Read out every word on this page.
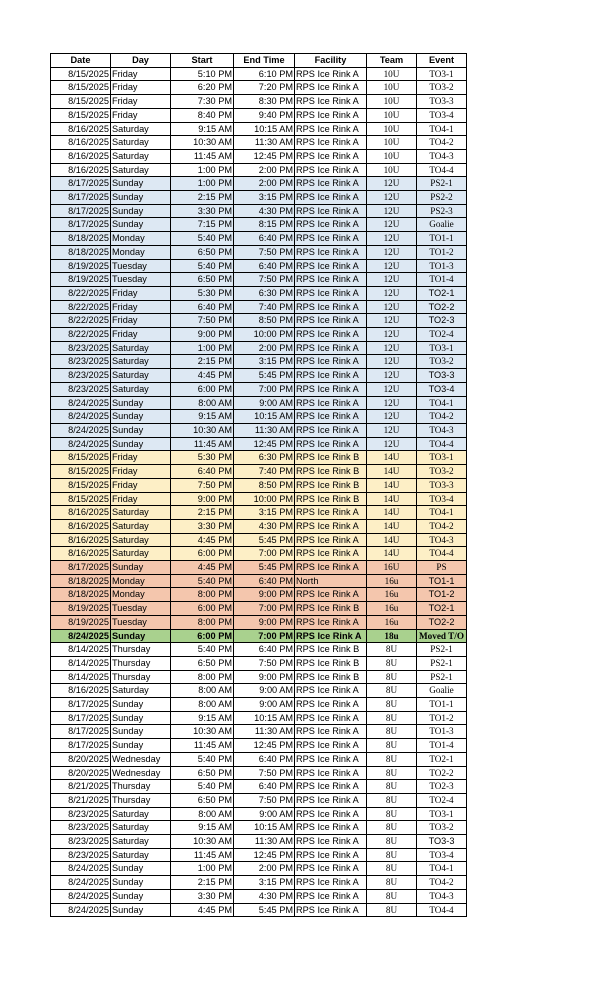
Date	Day	Start	End Time	Facility	Team	Event
8/15/2025	Friday	5:10 PM	6:10 PM	RPS Ice Rink A	10U	TO3-1
8/15/2025	Friday	6:20 PM	7:20 PM	RPS Ice Rink A	10U	TO3-2
8/15/2025	Friday	7:30 PM	8:30 PM	RPS Ice Rink A	10U	TO3-3
8/15/2025	Friday	8:40 PM	9:40 PM	RPS Ice Rink A	10U	TO3-4
8/16/2025	Saturday	9:15 AM	10:15 AM	RPS Ice Rink A	10U	TO4-1
8/16/2025	Saturday	10:30 AM	11:30 AM	RPS Ice Rink A	10U	TO4-2
8/16/2025	Saturday	11:45 AM	12:45 PM	RPS Ice Rink A	10U	TO4-3
8/16/2025	Saturday	1:00 PM	2:00 PM	RPS Ice Rink A	10U	TO4-4
8/17/2025	Sunday	1:00 PM	2:00 PM	RPS Ice Rink A	12U	PS2-1
8/17/2025	Sunday	2:15 PM	3:15 PM	RPS Ice Rink A	12U	PS2-2
8/17/2025	Sunday	3:30 PM	4:30 PM	RPS Ice Rink A	12U	PS2-3
8/17/2025	Sunday	7:15 PM	8:15 PM	RPS Ice Rink A	12U	Goalie
8/18/2025	Monday	5:40 PM	6:40 PM	RPS Ice Rink A	12U	TO1-1
8/18/2025	Monday	6:50 PM	7:50 PM	RPS Ice Rink A	12U	TO1-2
8/19/2025	Tuesday	5:40 PM	6:40 PM	RPS Ice Rink A	12U	TO1-3
8/19/2025	Tuesday	6:50 PM	7:50 PM	RPS Ice Rink A	12U	TO1-4
8/22/2025	Friday	5:30 PM	6:30 PM	RPS Ice Rink A	12U	TO2-1
8/22/2025	Friday	6:40 PM	7:40 PM	RPS Ice Rink A	12U	TO2-2
8/22/2025	Friday	7:50 PM	8:50 PM	RPS Ice Rink A	12U	TO2-3
8/22/2025	Friday	9:00 PM	10:00 PM	RPS Ice Rink A	12U	TO2-4
8/23/2025	Saturday	1:00 PM	2:00 PM	RPS Ice Rink A	12U	TO3-1
8/23/2025	Saturday	2:15 PM	3:15 PM	RPS Ice Rink A	12U	TO3-2
8/23/2025	Saturday	4:45 PM	5:45 PM	RPS Ice Rink A	12U	TO3-3
8/23/2025	Saturday	6:00 PM	7:00 PM	RPS Ice Rink A	12U	TO3-4
8/24/2025	Sunday	8:00 AM	9:00 AM	RPS Ice Rink A	12U	TO4-1
8/24/2025	Sunday	9:15 AM	10:15 AM	RPS Ice Rink A	12U	TO4-2
8/24/2025	Sunday	10:30 AM	11:30 AM	RPS Ice Rink A	12U	TO4-3
8/24/2025	Sunday	11:45 AM	12:45 PM	RPS Ice Rink A	12U	TO4-4
8/15/2025	Friday	5:30 PM	6:30 PM	RPS Ice Rink B	14U	TO3-1
8/15/2025	Friday	6:40 PM	7:40 PM	RPS Ice Rink B	14U	TO3-2
8/15/2025	Friday	7:50 PM	8:50 PM	RPS Ice Rink B	14U	TO3-3
8/15/2025	Friday	9:00 PM	10:00 PM	RPS Ice Rink B	14U	TO3-4
8/16/2025	Saturday	2:15 PM	3:15 PM	RPS Ice Rink A	14U	TO4-1
8/16/2025	Saturday	3:30 PM	4:30 PM	RPS Ice Rink A	14U	TO4-2
8/16/2025	Saturday	4:45 PM	5:45 PM	RPS Ice Rink A	14U	TO4-3
8/16/2025	Saturday	6:00 PM	7:00 PM	RPS Ice Rink A	14U	TO4-4
8/17/2025	Sunday	4:45 PM	5:45 PM	RPS Ice Rink A	16U	PS
8/18/2025	Monday	5:40 PM	6:40 PM	North	16u	TO1-1
8/18/2025	Monday	8:00 PM	9:00 PM	RPS Ice Rink A	16u	TO1-2
8/19/2025	Tuesday	6:00 PM	7:00 PM	RPS Ice Rink B	16u	TO2-1
8/19/2025	Tuesday	8:00 PM	9:00 PM	RPS Ice Rink A	16u	TO2-2
8/24/2025	Sunday	6:00 PM	7:00 PM	RPS Ice Rink A	18u	Moved T/O
8/14/2025	Thursday	5:40 PM	6:40 PM	RPS Ice Rink B	8U	PS2-1
8/14/2025	Thursday	6:50 PM	7:50 PM	RPS Ice Rink B	8U	PS2-1
8/14/2025	Thursday	8:00 PM	9:00 PM	RPS Ice Rink B	8U	PS2-1
8/16/2025	Saturday	8:00 AM	9:00 AM	RPS Ice Rink A	8U	Goalie
8/17/2025	Sunday	8:00 AM	9:00 AM	RPS Ice Rink A	8U	TO1-1
8/17/2025	Sunday	9:15 AM	10:15 AM	RPS Ice Rink A	8U	TO1-2
8/17/2025	Sunday	10:30 AM	11:30 AM	RPS Ice Rink A	8U	TO1-3
8/17/2025	Sunday	11:45 AM	12:45 PM	RPS Ice Rink A	8U	TO1-4
8/20/2025	Wednesday	5:40 PM	6:40 PM	RPS Ice Rink A	8U	TO2-1
8/20/2025	Wednesday	6:50 PM	7:50 PM	RPS Ice Rink A	8U	TO2-2
8/21/2025	Thursday	5:40 PM	6:40 PM	RPS Ice Rink A	8U	TO2-3
8/21/2025	Thursday	6:50 PM	7:50 PM	RPS Ice Rink A	8U	TO2-4
8/23/2025	Saturday	8:00 AM	9:00 AM	RPS Ice Rink A	8U	TO3-1
8/23/2025	Saturday	9:15 AM	10:15 AM	RPS Ice Rink A	8U	TO3-2
8/23/2025	Saturday	10:30 AM	11:30 AM	RPS Ice Rink A	8U	TO3-3
8/23/2025	Saturday	11:45 AM	12:45 PM	RPS Ice Rink A	8U	TO3-4
8/24/2025	Sunday	1:00 PM	2:00 PM	RPS Ice Rink A	8U	TO4-1
8/24/2025	Sunday	2:15 PM	3:15 PM	RPS Ice Rink A	8U	TO4-2
8/24/2025	Sunday	3:30 PM	4:30 PM	RPS Ice Rink A	8U	TO4-3
8/24/2025	Sunday	4:45 PM	5:45 PM	RPS Ice Rink A	8U	TO4-4
